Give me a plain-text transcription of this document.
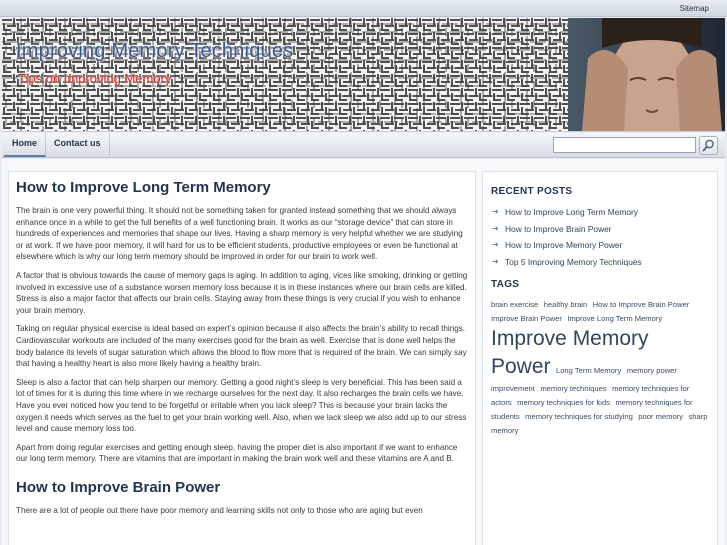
Sitemap
Improving Memory Techniques
Tips on Improving Memory
Home	Contact us
How to Improve Long Term Memory

The brain is one very powerful thing. It should not be something taken for granted instead something that we should always enhance once in a while to get the full benefits of a well functioning brain. It works as our “storage device” that can store in hundreds of experiences and memories that shape our lives. Having a sharp memory is very helpful whether we are studying or at work. If we have poor memory, it will hard for us to be efficient students, productive employees or even be functional at elsewhere which is why our long term memory should be improved in order for our brain to work well.

A factor that is obvious towards the cause of memory gaps is aging. In addition to aging, vices like smoking, drinking or getting involved in excessive use of a substance worsen memory loss because it is in these instances where our brain cells are killed. Stress is also a major factor that affects our brain cells. Staying away from these things is very crucial if you wish to enhance your brain memory.

Taking on regular physical exercise is ideal based on expert’s opinion because it also affects the brain’s ability to recall things. Cardiovascular workouts are included of the many exercises good for the brain as well. Exercise that is done well helps the body balance its levels of sugar saturation which allows the blood to flow more that is required of the brain. We can simply say that having a healthy heart is also more likely having a healthy brain.

Sleep is also a factor that can help sharpen our memory. Getting a good night’s sleep is very beneficial. This has been said a lot of times for it is during this time where in we recharge ourselves for the next day. It also recharges the brain cells we have. Have you ever noticed how you tend to be forgetful or irritable when you lack sleep? This is because your brain lacks the oxygen it needs which serves as the fuel to get your brain working well. Also, when we lack sleep we also add up to our stress level and cause memory loss too.

Apart from doing regular exercises and getting enough sleep, having the proper diet is also important if we want to enhance our long term memory. There are vitamins that are important in making the brain work well and these vitamins are A and B.

How to Improve Brain Power

There are a lot of people out there have poor memory and learning skills not only to those who are aging but even

RECENT POSTS
➜ How to Improve Long Term Memory
➜ How to Improve Brain Power
➜ How to Improve Memory Power
➜ Top 5 Improving Memory Techniques
TAGS
brain exercise healthy brain How to Improve Brain Power Improve Brain Power Improve Long Term Memory Improve Memory Power Long Term Memory memory power improvement memory techniques memory techniques for actors memory techniques for kids memory techniques for students memory techniques for studying poor memory sharp memory
